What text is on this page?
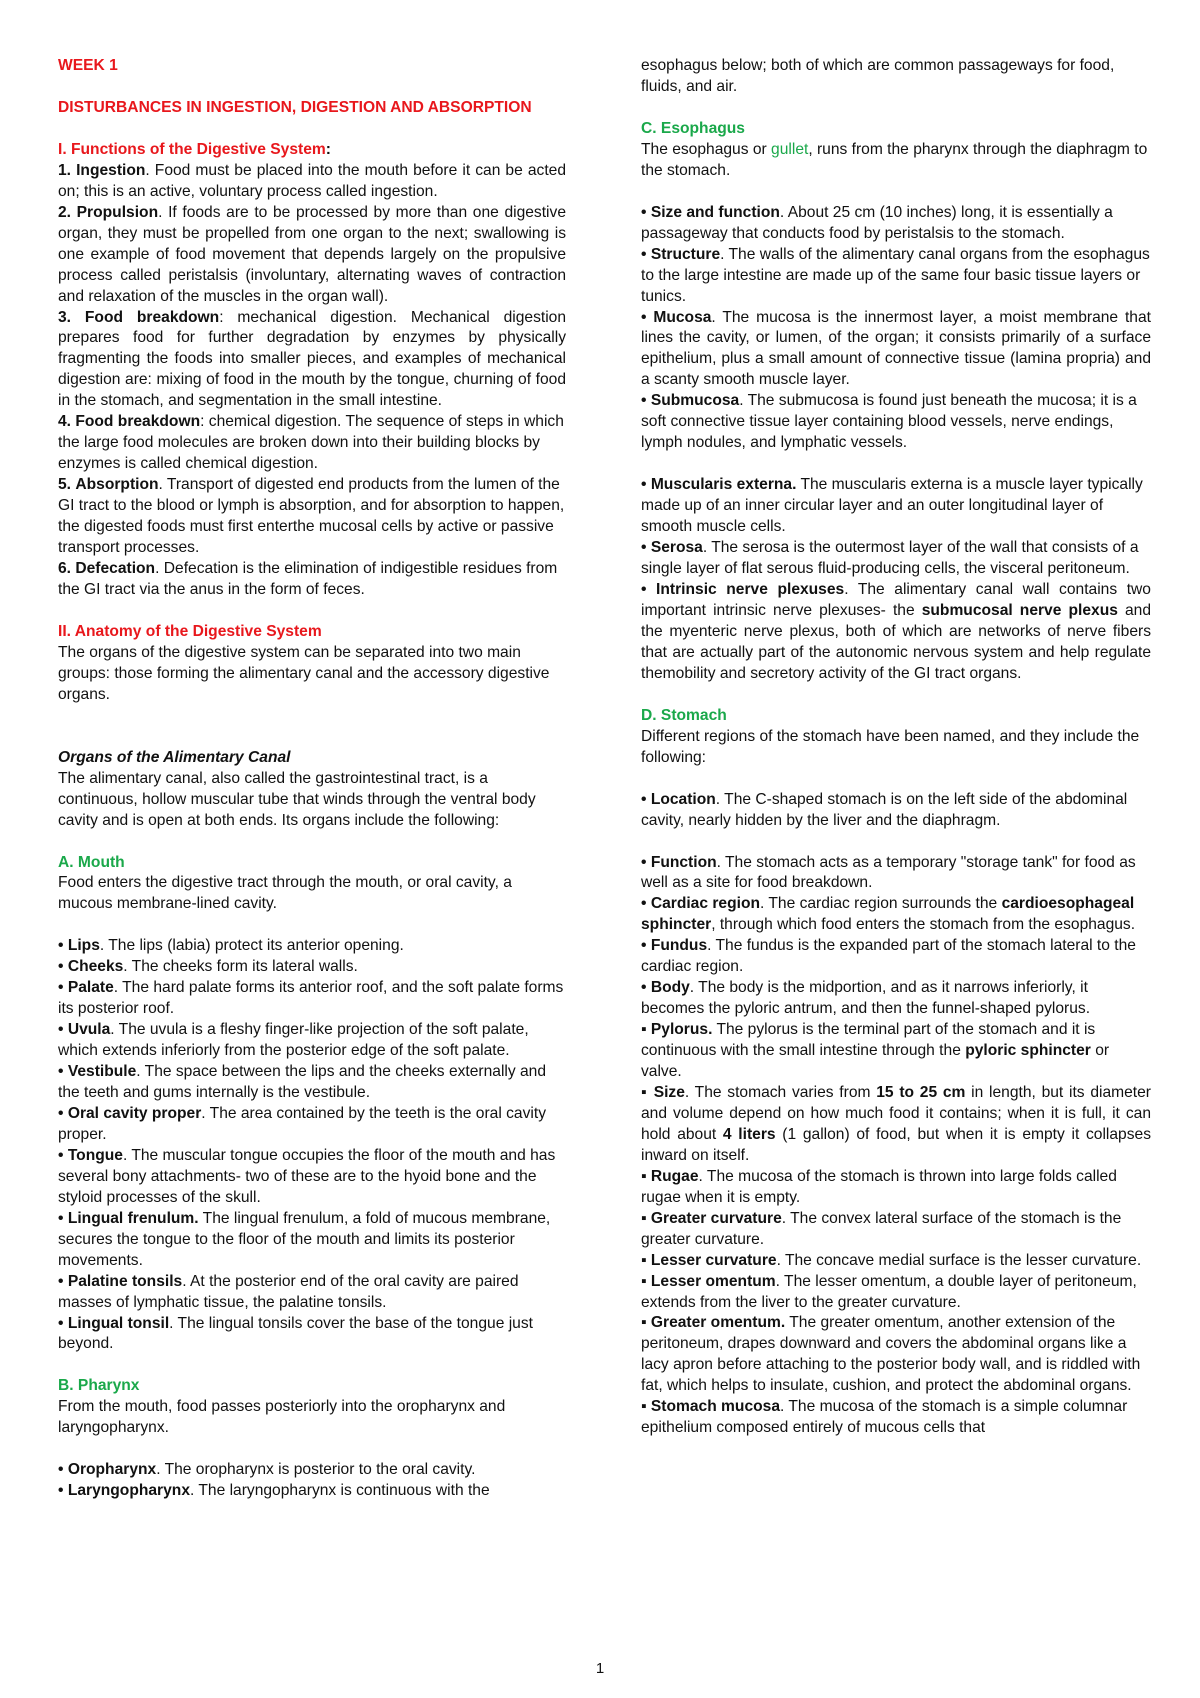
WEEK 1

DISTURBANCES IN INGESTION, DIGESTION AND ABSORPTION

I. Functions of the Digestive System:

1. Ingestion. Food must be placed into the mouth before it can be acted on; this is an active, voluntary process called ingestion.

2. Propulsion. If foods are to be processed by more than one digestive organ, they must be propelled from one organ to the next; swallowing is one example of food movement that depends largely on the propulsive process called peristalsis (involuntary, alternating waves of contraction and relaxation of the muscles in the organ wall).

3. Food breakdown: mechanical digestion. Mechanical digestion prepares food for further degradation by enzymes by physically fragmenting the foods into smaller pieces, and examples of mechanical digestion are: mixing of food in the mouth by the tongue, churning of food in the stomach, and segmentation in the small intestine.

4. Food breakdown: chemical digestion. The sequence of steps in which the large food molecules are broken down into their building blocks by enzymes is called chemical digestion.

5. Absorption. Transport of digested end products from the lumen of the GI tract to the blood or lymph is absorption, and for absorption to happen, the digested foods must first enterthe mucosal cells by active or passive transport processes.

6. Defecation. Defecation is the elimination of indigestible residues from the GI tract via the anus in the form of feces.

II. Anatomy of the Digestive System

The organs of the digestive system can be separated into two main groups: those forming the alimentary canal and the accessory digestive organs.

Organs of the Alimentary Canal

The alimentary canal, also called the gastrointestinal tract, is a continuous, hollow muscular tube that winds through the ventral body cavity and is open at both ends. Its organs include the following:

A. Mouth

Food enters the digestive tract through the mouth, or oral cavity, a mucous membrane-lined cavity.

• Lips. The lips (labia) protect its anterior opening.

• Cheeks. The cheeks form its lateral walls.

• Palate. The hard palate forms its anterior roof, and the soft palate forms its posterior roof.

• Uvula. The uvula is a fleshy finger-like projection of the soft palate, which extends inferiorly from the posterior edge of the soft palate.

• Vestibule. The space between the lips and the cheeks externally and the teeth and gums internally is the vestibule.

• Oral cavity proper. The area contained by the teeth is the oral cavity proper.

• Tongue. The muscular tongue occupies the floor of the mouth and has several bony attachments- two of these are to the hyoid bone and the styloid processes of the skull.

• Lingual frenulum. The lingual frenulum, a fold of mucous membrane, secures the tongue to the floor of the mouth and limits its posterior movements.

• Palatine tonsils. At the posterior end of the oral cavity are paired masses of lymphatic tissue, the palatine tonsils.

• Lingual tonsil. The lingual tonsils cover the base of the tongue just beyond.

B. Pharynx

From the mouth, food passes posteriorly into the oropharynx and laryngopharynx.

• Oropharynx. The oropharynx is posterior to the oral cavity.

• Laryngopharynx. The laryngopharynx is continuous with the

esophagus below; both of which are common passageways for food, fluids, and air.

C. Esophagus

The esophagus or gullet, runs from the pharynx through the diaphragm to the stomach.

• Size and function. About 25 cm (10 inches) long, it is essentially a passageway that conducts food by peristalsis to the stomach.

• Structure. The walls of the alimentary canal organs from the esophagus to the large intestine are made up of the same four basic tissue layers or tunics.

• Mucosa. The mucosa is the innermost layer, a moist membrane that lines the cavity, or lumen, of the organ; it consists primarily of a surface epithelium, plus a small amount of connective tissue (lamina propria) and a scanty smooth muscle layer.

• Submucosa. The submucosa is found just beneath the mucosa; it is a soft connective tissue layer containing blood vessels, nerve endings, lymph nodules, and lymphatic vessels.

• Muscularis externa. The muscularis externa is a muscle layer typically made up of an inner circular layer and an outer longitudinal layer of smooth muscle cells.

• Serosa. The serosa is the outermost layer of the wall that consists of a single layer of flat serous fluid-producing cells, the visceral peritoneum.

• Intrinsic nerve plexuses. The alimentary canal wall contains two important intrinsic nerve plexuses- the submucosal nerve plexus and the myenteric nerve plexus, both of which are networks of nerve fibers that are actually part of the autonomic nervous system and help regulate themobility and secretory activity of the GI tract organs.

D. Stomach

Different regions of the stomach have been named, and they include the following:

• Location. The C-shaped stomach is on the left side of the abdominal cavity, nearly hidden by the liver and the diaphragm.

• Function. The stomach acts as a temporary "storage tank" for food as well as a site for food breakdown.

• Cardiac region. The cardiac region surrounds the cardioesophageal sphincter, through which food enters the stomach from the esophagus.

• Fundus. The fundus is the expanded part of the stomach lateral to the cardiac region.

• Body. The body is the midportion, and as it narrows inferiorly, it becomes the pyloric antrum, and then the funnel-shaped pylorus.

▪ Pylorus. The pylorus is the terminal part of the stomach and it is continuous with the small intestine through the pyloric sphincter or valve.

▪ Size. The stomach varies from 15 to 25 cm in length, but its diameter and volume depend on how much food it contains; when it is full, it can hold about 4 liters (1 gallon) of food, but when it is empty it collapses inward on itself.

▪ Rugae. The mucosa of the stomach is thrown into large folds called rugae when it is empty.

▪ Greater curvature. The convex lateral surface of the stomach is the greater curvature.

▪ Lesser curvature. The concave medial surface is the lesser curvature.

▪ Lesser omentum. The lesser omentum, a double layer of peritoneum, extends from the liver to the greater curvature.

▪ Greater omentum. The greater omentum, another extension of the peritoneum, drapes downward and covers the abdominal organs like a lacy apron before attaching to the posterior body wall, and is riddled with fat, which helps to insulate, cushion, and protect the abdominal organs.

▪ Stomach mucosa. The mucosa of the stomach is a simple columnar epithelium composed entirely of mucous cells that

1
